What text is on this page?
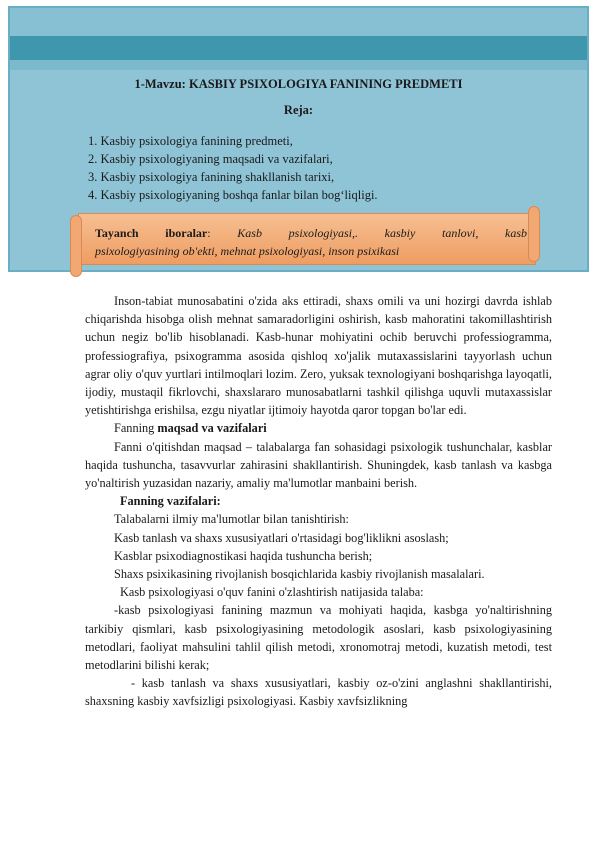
1-Mavzu: KASBIY PSIXOLOGIYA FANINING PREDMETI
Reja:
1. Kasbiy psixologiya fanining predmeti,
2. Kasbiy psixologiyaning maqsadi va vazifalari,
3. Kasbiy psixologiya fanining shakllanish tarixi,
4. Kasbiy psixologiyaning boshqa fanlar bilan bog‘liqligi.
Tayanch iboralar: Kasb psixologiyasi,. kasbiy tanlovi, kasb
psixologiyasining ob'ekti, mehnat psixologiyasi, inson psixikasi

Inson-tabiat munosabatini o'zida aks ettiradi, shaxs omili va uni hozirgi davrda ishlab chiqarishda hisobga olish mehnat samaradorligini oshirish, kasb mahoratini takomillashtirish uchun negiz bo'lib hisoblanadi. Kasb-hunar mohiyatini ochib beruvchi professiogramma, professiografiya, psixogramma asosida qishloq xo'jalik mutaxassislarini tayyorlash uchun agrar oliy o'quv yurtlari intilmoqlari lozim. Zero, yuksak texnologiyani boshqarishga layoqatli, ijodiy, mustaqil fikrlovchi, shaxslararo munosabatlarni tashkil qilishga uquvli mutaxassislar yetishtirishga erishilsa, ezgu niyatlar ijtimoiy hayotda qaror topgan bo'lar edi.

Fanning maqsad va vazifalari

Fanni o'qitishdan maqsad – talabalarga fan sohasidagi psixologik tushunchalar, kasblar haqida tushuncha, tasavvurlar zahirasini shakllantirish. Shuningdek, kasb tanlash va kasbga yo'naltirish yuzasidan nazariy, amaliy ma'lumotlar manbaini berish.

Fanning vazifalari:

Talabalarni ilmiy ma'lumotlar bilan tanishtirish:

Kasb tanlash va shaxs xususiyatlari o'rtasidagi bog'liklikni asoslash;

Kasblar psixodiagnostikasi haqida tushuncha berish;

Shaxs psixikasining rivojlanish bosqichlarida kasbiy rivojlanish masalalari.

Kasb psixologiyasi o'quv fanini o'zlashtirish natijasida talaba:

-kasb psixologiyasi fanining mazmun va mohiyati haqida, kasbga yo'naltirishning tarkibiy qismlari, kasb psixologiyasining metodologik asoslari, kasb psixologiyasining metodlari, faoliyat mahsulini tahlil qilish metodi, xronomotraj metodi, kuzatish metodi, test metodlarini bilishi kerak;

- kasb tanlash va shaxs xususiyatlari, kasbiy oz-o'zini anglashni shakllantirishi, shaxsning kasbiy xavfsizligi psixologiyasi. Kasbiy xavfsizlikning
